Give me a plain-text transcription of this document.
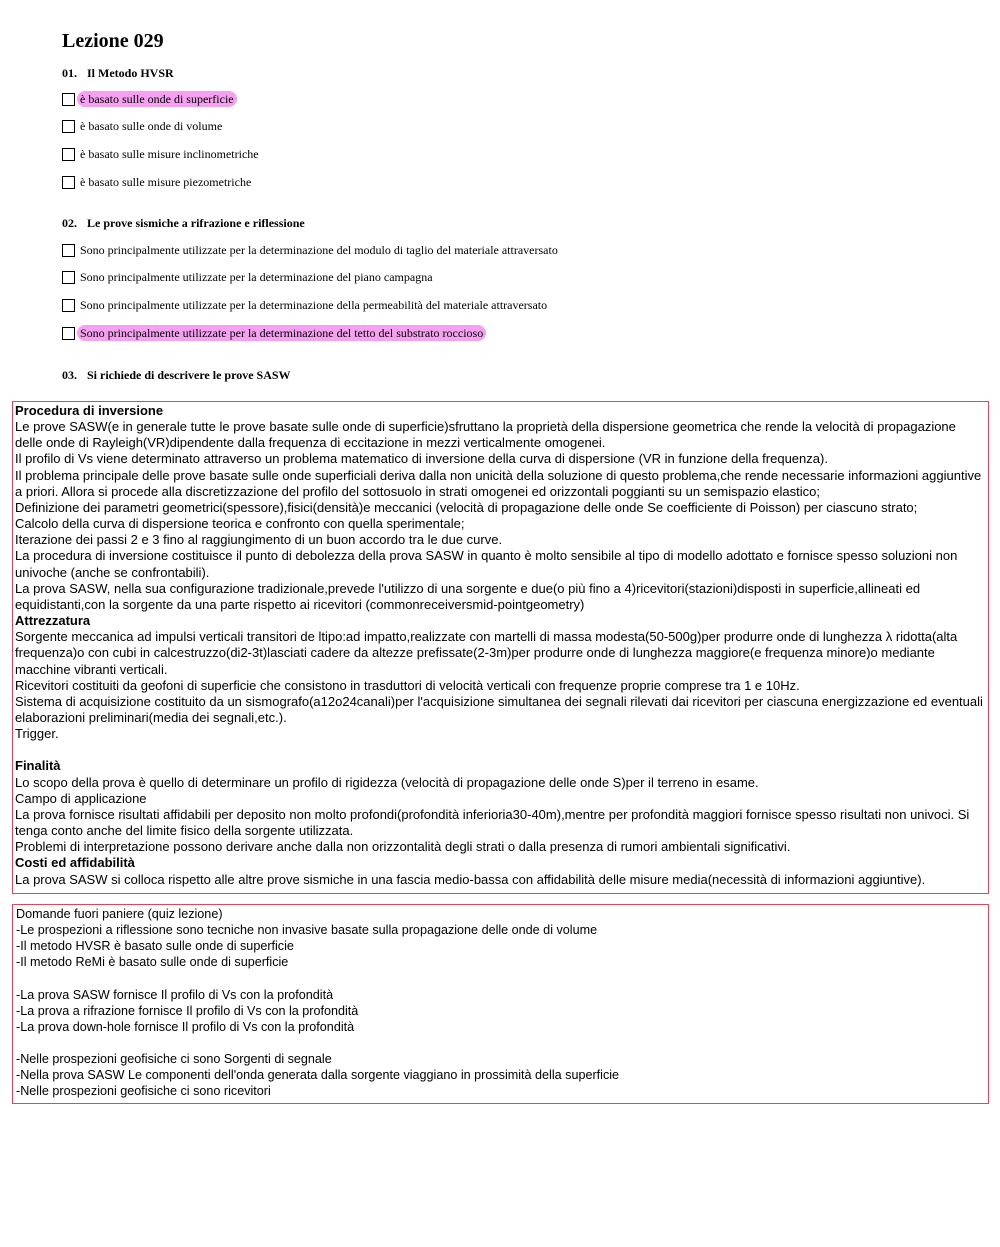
Lezione 029
01. Il Metodo HVSR
è basato sulle onde di superficie
è basato sulle onde di volume
è basato sulle misure inclinometriche
è basato sulle misure piezometriche
02. Le prove sismiche a rifrazione e riflessione
Sono principalmente utilizzate per la determinazione del modulo di taglio del materiale attraversato
Sono principalmente utilizzate per la determinazione del piano campagna
Sono principalmente utilizzate per la determinazione della permeabilità del materiale attraversato
Sono principalmente utilizzate per la determinazione del tetto del substrato roccioso
03. Si richiede di descrivere le prove SASW

Procedura di inversione

Le prove SASW(e in generale tutte le prove basate sulle onde di superficie)sfruttano la proprietà della dispersione geometrica che rende la velocità di propagazione delle onde di Rayleigh(VR)dipendente dalla frequenza di eccitazione in mezzi verticalmente omogenei.

Il profilo di Vs viene determinato attraverso un problema matematico di inversione della curva di dispersione (VR in funzione della frequenza).

Il problema principale delle prove basate sulle onde superficiali deriva dalla non unicità della soluzione di questo problema,che rende necessarie informazioni aggiuntive a priori. Allora si procede alla discretizzazione del profilo del sottosuolo in strati omogenei ed orizzontali poggianti su un semispazio elastico;

Definizione dei parametri geometrici(spessore),fisici(densità)e meccanici (velocità di propagazione delle onde Se coefficiente di Poisson) per ciascuno strato;

Calcolo della curva di dispersione teorica e confronto con quella sperimentale;

Iterazione dei passi 2 e 3 fino al raggiungimento di un buon accordo tra le due curve.

La procedura di inversione costituisce il punto di debolezza della prova SASW in quanto è molto sensibile al tipo di modello adottato e fornisce spesso soluzioni non univoche (anche se confrontabili).

La prova SASW, nella sua configurazione tradizionale,prevede l'utilizzo di una sorgente e due(o più fino a 4)ricevitori(stazioni)disposti in superficie,allineati ed equidistanti,con la sorgente da una parte rispetto ai ricevitori (commonreceiversmid-pointgeometry)

Attrezzatura

Sorgente meccanica ad impulsi verticali transitori de ltipo:ad impatto,realizzate con martelli di massa modesta(50-500g)per produrre onde di lunghezza λ ridotta(alta frequenza)o con cubi in calcestruzzo(di2-3t)lasciati cadere da altezze prefissate(2-3m)per produrre onde di lunghezza maggiore(e frequenza minore)o mediante macchine vibranti verticali.

Ricevitori costituiti da geofoni di superficie che consistono in trasduttori di velocità verticali con frequenze proprie comprese tra 1 e 10Hz.

Sistema di acquisizione costituito da un sismografo(a12o24canali)per l'acquisizione simultanea dei segnali rilevati dai ricevitori per ciascuna energizzazione ed eventuali elaborazioni preliminari(media dei segnali,etc.).

Trigger.

Finalità

Lo scopo della prova è quello di determinare un profilo di rigidezza (velocità di propagazione delle onde S)per il terreno in esame.

Campo di applicazione

La prova fornisce risultati affidabili per deposito non molto profondi(profondità inferioria30-40m),mentre per profondità maggiori fornisce spesso risultati non univoci. Si tenga conto anche del limite fisico della sorgente utilizzata.

Problemi di interpretazione possono derivare anche dalla non orizzontalità degli strati o dalla presenza di rumori ambientali significativi.

Costi ed affidabilità

La prova SASW si colloca rispetto alle altre prove sismiche in una fascia medio-bassa con affidabilità delle misure media(necessità di informazioni aggiuntive).

Domande fuori paniere (quiz lezione)

-Le prospezioni a riflessione sono tecniche non invasive basate sulla propagazione delle onde di volume

-Il metodo HVSR è basato sulle onde di superficie

-Il metodo ReMi è basato sulle onde di superficie

-La prova SASW fornisce Il profilo di Vs con la profondità

-La prova a rifrazione fornisce Il profilo di Vs con la profondità

-La prova down-hole fornisce Il profilo di Vs con la profondità

-Nelle prospezioni geofisiche ci sono Sorgenti di segnale

-Nella prova SASW Le componenti dell'onda generata dalla sorgente viaggiano in prossimità della superficie

-Nelle prospezioni geofisiche ci sono ricevitori
